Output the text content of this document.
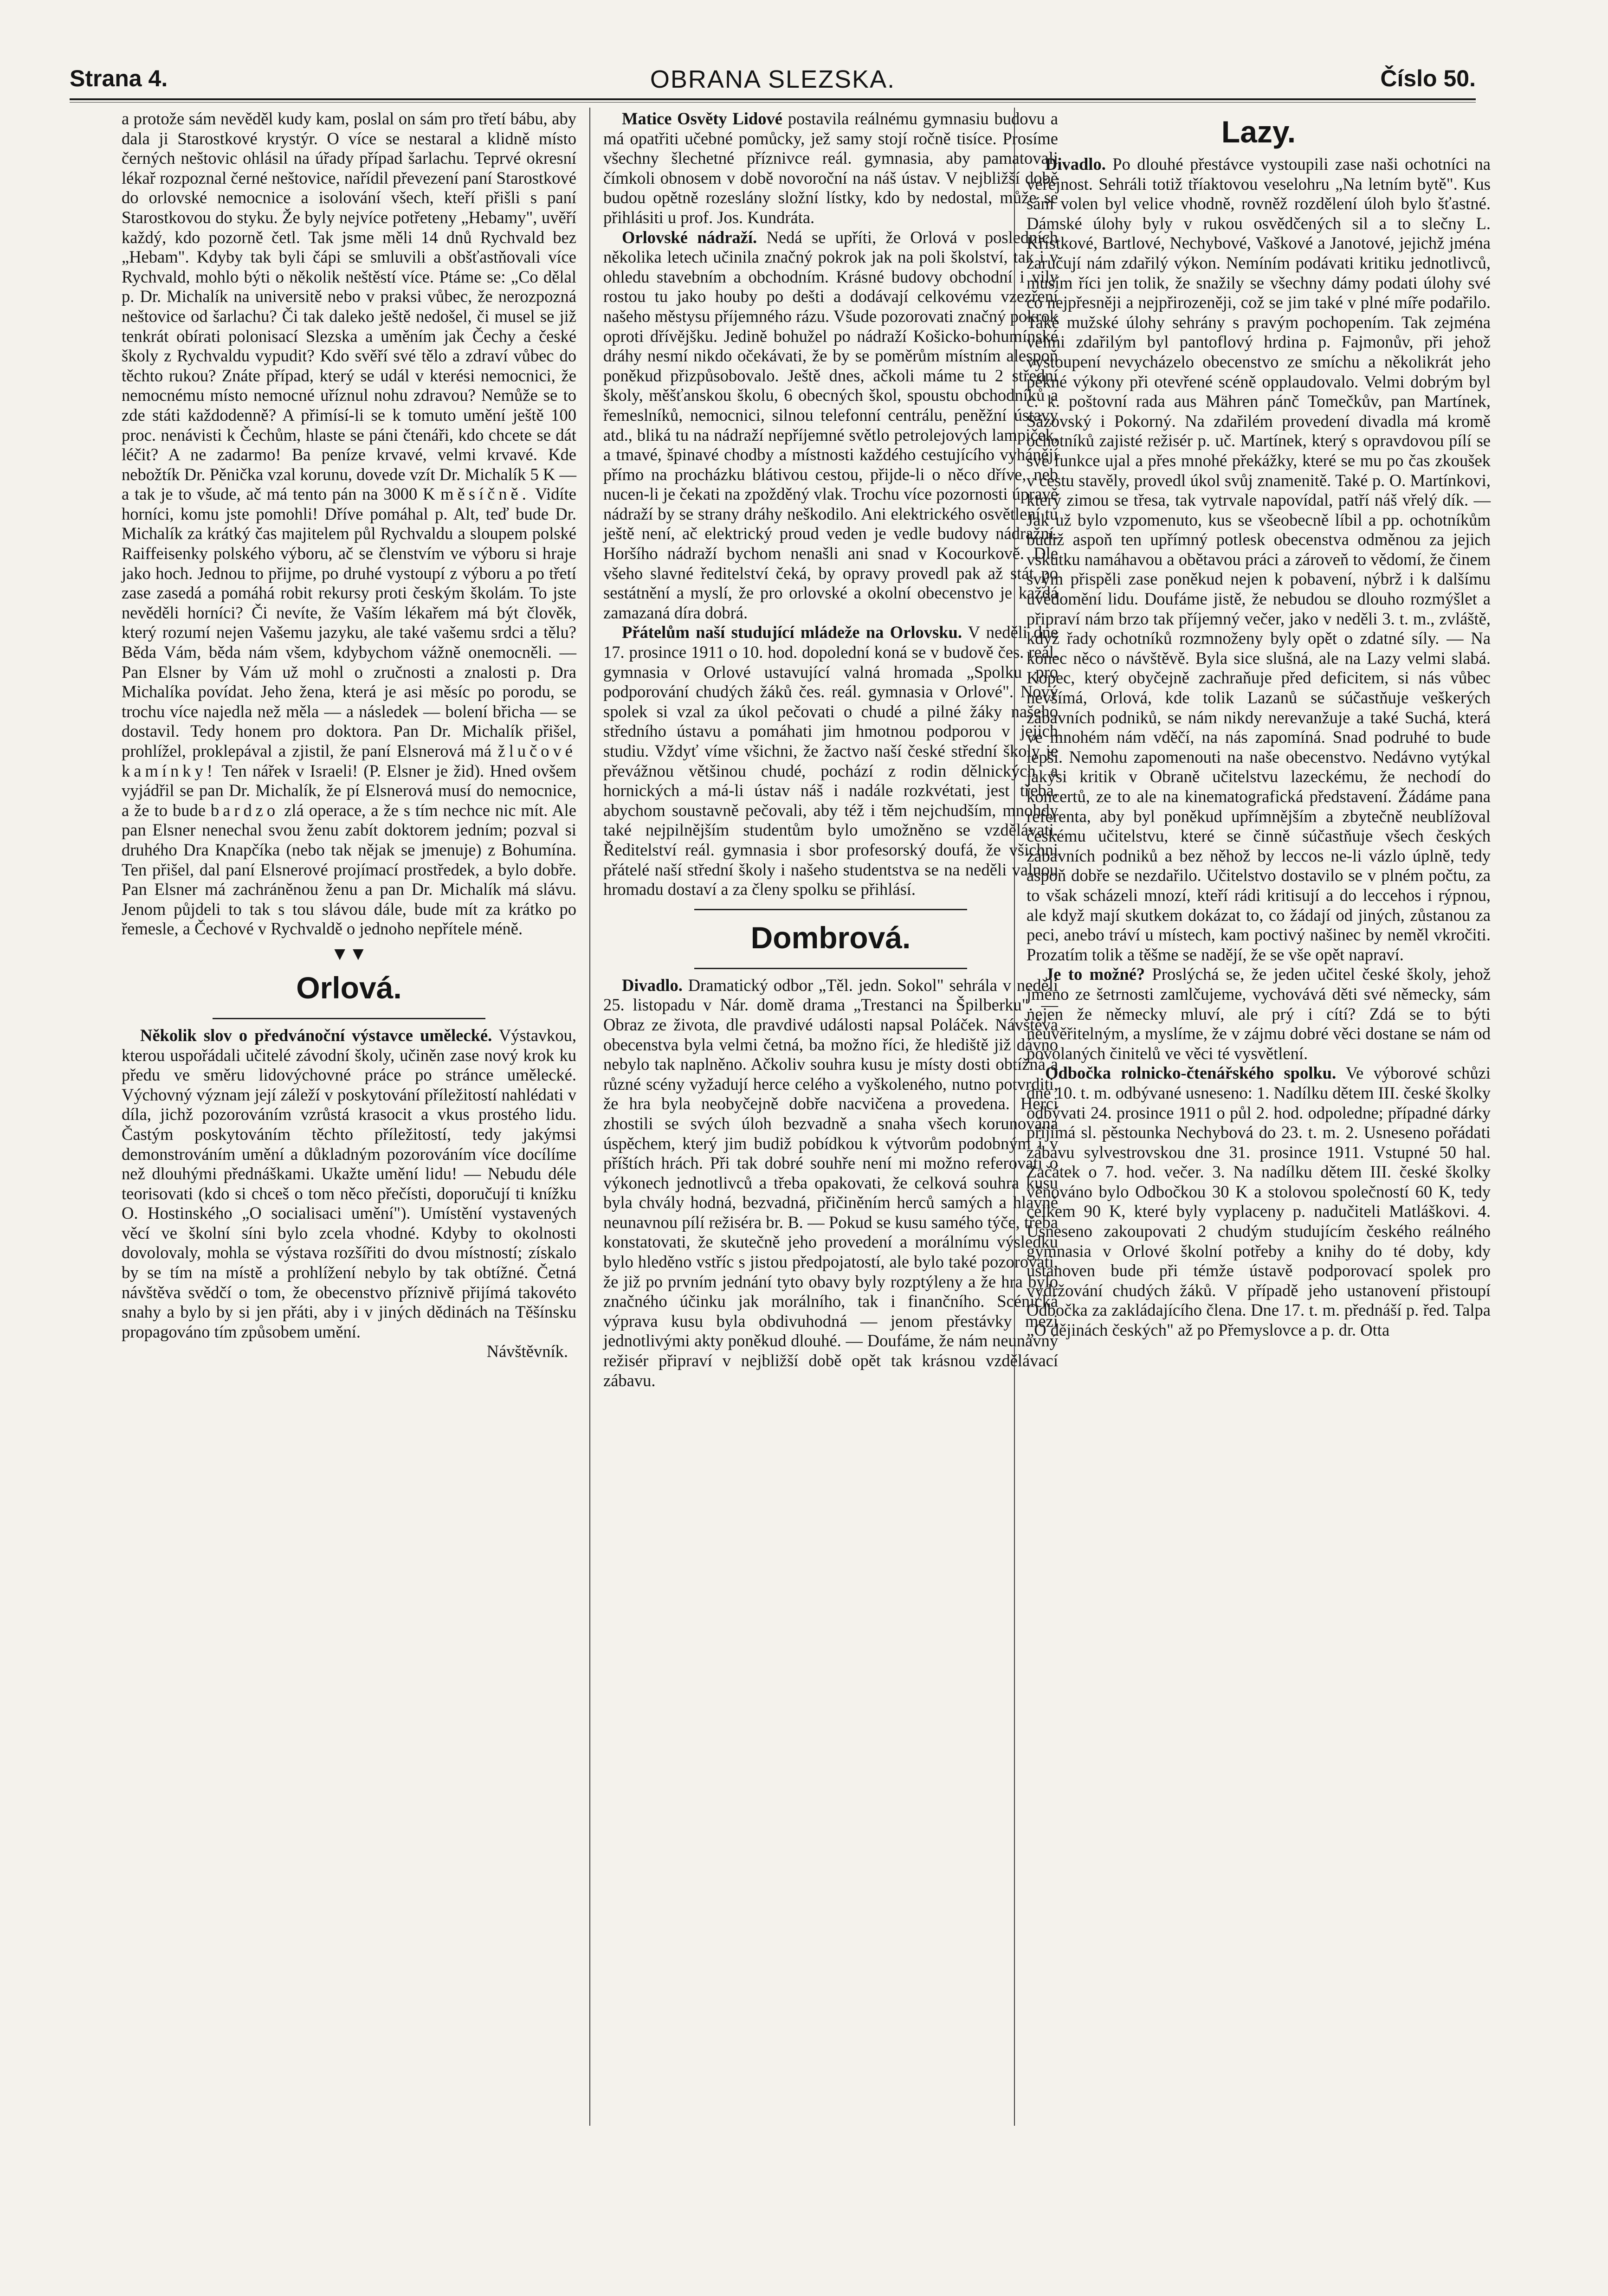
Strana 4.	OBRANA SLEZSKA.	Číslo 50.

a protože sám nevěděl kudy kam, poslal on sám pro třetí bábu, aby dala ji Starostkové krystýr. O více se nestaral a klidně místo černých neštovic ohlásil na úřady případ šarlachu. Teprvé okresní lékař rozpoznal černé neštovice, nařídil převezení paní Starostkové do orlovské nemocnice a isolování všech, kteří přišli s paní Starostkovou do styku. Že byly nejvíce potřeteny „Hebamy", uvěří každý, kdo pozorně četl. Tak jsme měli 14 dnů Rychvald bez „Hebam". Kdyby tak byli čápi se smluvili a obšťastňovali více Rychvald, mohlo býti o několik neštěstí více. Ptáme se: „Co dělal p. Dr. Michalík na universitě nebo v praksi vůbec, že nerozpozná neštovice od šarlachu? Či tak daleko ještě nedošel, či musel se již tenkrát obírati polonisací Slezska a uměním jak Čechy a české školy z Rychvaldu vypudit? Kdo svěří své tělo a zdraví vůbec do těchto rukou? Znáte případ, který se udál v kterési nemocnici, že nemocnému místo nemocné uříznul nohu zdravou? Nemůže se to zde státi každodenně? A přimísí-li se k tomuto umění ještě 100 proc. nenávisti k Čechům, hlaste se páni čtenáři, kdo chcete se dát léčit? A ne zadarmo! Ba peníze krvavé, velmi krvavé. Kde nebožtík Dr. Pěnička vzal korunu, dovede vzít Dr. Michalík 5 K — a tak je to všude, ač má tento pán na 3000 K měsíčně. Vidíte horníci, komu jste pomohli! Dříve pomáhal p. Alt, teď bude Dr. Michalík za krátký čas majitelem půl Rychvaldu a sloupem polské Raiffeisenky polského výboru, ač se členstvím ve výboru si hraje jako hoch. Jednou to přijme, po druhé vystoupí z výboru a po třetí zase zasedá a pomáhá robit rekursy proti českým školám. To jste nevěděli horníci? Či nevíte, že Vaším lékařem má být člověk, který rozumí nejen Vašemu jazyku, ale také vašemu srdci a tělu? Běda Vám, běda nám všem, kdybychom vážně onemocněli. — Pan Elsner by Vám už mohl o zručnosti a znalosti p. Dra Michalíka povídat. Jeho žena, která je asi měsíc po porodu, se trochu více najedla než měla — a následek — bolení břicha — se dostavil. Tedy honem pro doktora. Pan Dr. Michalík přišel, prohlížel, proklepával a zjistil, že paní Elsnerová má žlučové kamínky! Ten nářek v Israeli! (P. Elsner je žid). Hned ovšem vyjádřil se pan Dr. Michalík, že pí Elsnerová musí do nemocnice, a že to bude bardzo zlá operace, a že s tím nechce nic mít. Ale pan Elsner nenechal svou ženu zabít doktorem jedním; pozval si druhého Dra Knapčíka (nebo tak nějak se jmenuje) z Bohumína. Ten přišel, dal paní Elsnerové projímací prostředek, a bylo dobře. Pan Elsner má zachráněnou ženu a pan Dr. Michalík má slávu. Jenom půjdeli to tak s tou slávou dále, bude mít za krátko po řemesle, a Čechové v Rychvaldě o jednoho nepřítele méně.

▼▼
Orlová.

Několik slov o předvánoční výstavce umělecké. Výstavkou, kterou uspořádali učitelé závodní školy, učiněn zase nový krok ku předu ve směru lidovýchovné práce po stránce umělecké. Výchovný význam její záleží v poskytování příležitostí nahlédati v díla, jichž pozorováním vzrůstá krasocit a vkus prostého lidu. Častým poskytováním těchto příležitostí, tedy jakýmsi demonstrováním umění a důkladným pozorováním více docílíme než dlouhými přednáškami. Ukažte umění lidu! — Nebudu déle teorisovati (kdo si chceš o tom něco přečísti, doporučují ti knížku O. Hostinského „O socialisaci umění"). Umístění vystavených věcí ve školní síni bylo zcela vhodné. Kdyby to okolnosti dovolovaly, mohla se výstava rozšířiti do dvou místností; získalo by se tím na místě a prohlížení nebylo by tak obtížné. Četná návštěva svědčí o tom, že obecenstvo příznivě přijímá takovéto snahy a bylo by si jen přáti, aby i v jiných dědinách na Těšínsku propagováno tím způsobem umění.

Návštěvník.

Matice Osvěty Lidové postavila reálnému gymnasiu budovu a má opatřiti učebné pomůcky, jež samy stojí ročně tisíce. Prosíme všechny šlechetné příznivce reál. gymnasia, aby pamatovali čímkoli obnosem v době novoroční na náš ústav. V nejbližší době budou opětně rozeslány složní lístky, kdo by nedostal, může se přihlásiti u prof. Jos. Kundráta.

Orlovské nádraží. Nedá se upříti, že Orlová v posledních několika letech učinila značný pokrok jak na poli školství, tak i v ohledu stavebním a obchodním. Krásné budovy obchodní i vily rostou tu jako houby po dešti a dodávají celkovému vzezření našeho městysu příjemného rázu. Všude pozorovati značný pokrok oproti dřívějšku. Jedině bohužel po nádraží Košicko-bohumínské dráhy nesmí nikdo očekávati, že by se poměrům místním alespoň poněkud přizpůsobovalo. Ještě dnes, ačkoli máme tu 2 střední školy, měšťanskou školu, 6 obecných škol, spoustu obchodníků a řemeslníků, nemocnici, silnou telefonní centrálu, peněžní ústavy atd., bliká tu na nádraží nepříjemné světlo petrolejových lampiček, a tmavé, špinavé chodby a místnosti každého cestujícího vyhánějí přímo na procházku blátivou cestou, přijde-li o něco dříve, neb nucen-li je čekati na zpožděný vlak. Trochu více pozornosti úpravě nádraží by se strany dráhy neškodilo. Ani elektrického osvětlení tu ještě není, ač elektrický proud veden je vedle budovy nádražní. Horšího nádraží bychom nenašli ani snad v Kocourkově. Dle všeho slavné ředitelství čeká, by opravy provedl pak až stát po sestátnění a myslí, že pro orlovské a okolní obecenstvo je každá zamazaná díra dobrá.

Přátelům naší studující mládeže na Orlovsku. V neděli dne 17. prosince 1911 o 10. hod. dopolední koná se v budově čes. reál. gymnasia v Orlové ustavující valná hromada „Spolku pro podporování chudých žáků čes. reál. gymnasia v Orlové". Nový spolek si vzal za úkol pečovati o chudé a pilné žáky našeho středního ústavu a pomáhati jim hmotnou podporou v jejich studiu. Vždyť víme všichni, že žactvo naší české střední školy je převážnou většinou chudé, pochází z rodin dělnických a hornických a má-li ústav náš i nadále rozkvétati, jest třeba, abychom soustavně pečovali, aby též i těm nejchudším, mnohdy také nejpilnějším studentům bylo umožněno se vzdělávati. Ředitelství reál. gymnasia i sbor profesorský doufá, že všichni přátelé naší střední školy i našeho studentstva se na neděli valnou hromadu dostaví a za členy spolku se přihlásí.

Dombrová.

Divadlo. Dramatický odbor „Těl. jedn. Sokol" sehrála v neděli 25. listopadu v Nár. domě drama „Trestanci na Špilberku". — Obraz ze života, dle pravdivé události napsal Poláček. Návštěva obecenstva byla velmi četná, ba možno říci, že hlediště již dávno nebylo tak naplněno. Ačkoliv souhra kusu je místy dosti obtížná a různé scény vyžadují herce celého a vyškoleného, nutno potvrditi, že hra byla neobyčejně dobře nacvičena a provedena. Herci zhostili se svých úloh bezvadně a snaha všech korunována úspěchem, který jim budiž pobídkou k výtvorům podobným i v příštích hrách. Při tak dobré souhře není mi možno referovati o výkonech jednotlivců a třeba opakovati, že celková souhra kusu byla chvály hodná, bezvadná, přičiněním herců samých a hlavně neunavnou pílí režiséra br. B. — Pokud se kusu samého týče, třeba konstatovati, že skutečně jeho provedení a morálnímu výsledku bylo hleděno vstříc s jistou předpojatostí, ale bylo také pozorovati, že již po prvním jednání tyto obavy byly rozptýleny a že hra bylo značného účinku jak morálního, tak i finančního. Scénická výprava kusu byla obdivuhodná — jenom přestávky mezi jednotlivými akty poněkud dlouhé. — Doufáme, že nám neunavný režisér připraví v nejbližší době opět tak krásnou vzdělávací zábavu.

Lazy.

Divadlo. Po dlouhé přestávce vystoupili zase naši ochotníci na veřejnost. Sehráli totiž tříaktovou veselohru „Na letním bytě". Kus sám volen byl velice vhodně, rovněž rozdělení úloh bylo šťastné. Dámské úlohy byly v rukou osvědčených sil a to slečny L. Křístkové, Bartlové, Nechybové, Vaškové a Janotové, jejichž jména zaručují nám zdařilý výkon. Nemíním podávati kritiku jednotlivců, musím říci jen tolik, že snažily se všechny dámy podati úlohy své co nejpřesněji a nejpřirozeněji, což se jim také v plné míře podařilo. Také mužské úlohy sehrány s pravým pochopením. Tak zejména velmi zdařilým byl pantoflový hrdina p. Fajmonův, při jehož vystoupení nevycházelo obecenstvo ze smíchu a několikrát jeho pěkné výkony při otevřené scéně opplaudovalo. Velmi dobrým byl c. k. poštovní rada aus Mähren pánč Tomečkův, pan Martínek, Sázovský i Pokorný. Na zdařilém provedení divadla má kromě ochotníků zajisté režisér p. uč. Martínek, který s opravdovou pílí se své funkce ujal a přes mnohé překážky, které se mu po čas zkoušek v cestu stavěly, provedl úkol svůj znamenitě. Také p. O. Martínkovi, který zimou se třesa, tak vytrvale napovídal, patří náš vřelý dík. — Jak už bylo vzpomenuto, kus se všeobecně líbil a pp. ochotníkům budiž aspoň ten upřímný potlesk obecenstva odměnou za jejich vskutku namáhavou a obětavou práci a zároveň to vědomí, že činem svým přispěli zase poněkud nejen k pobavení, nýbrž i k dalšímu uvědomění lidu. Doufáme jistě, že nebudou se dlouho rozmýšlet a připraví nám brzo tak příjemný večer, jako v neděli 3. t. m., zvláště, když řady ochotníků rozmnoženy byly opět o zdatné síly. — Na konec něco o návštěvě. Byla sice slušná, ale na Lazy velmi slabá. Kopec, který obyčejně zachraňuje před deficitem, si nás vůbec nevšímá, Orlová, kde tolik Lazanů se súčastňuje veškerých zábavních podniků, se nám nikdy nerevanžuje a také Suchá, která ve mnohém nám vděčí, na nás zapomíná. Snad podruhé to bude lepší. Nemohu zapomenouti na naše obecenstvo. Nedávno vytýkal jakýsi kritik v Obraně učitelstvu lazeckému, že nechodí do koncertů, ze to ale na kinematografická představení. Žádáme pana referenta, aby byl poněkud upřímnějším a zbytečně neublížoval českému učitelstvu, které se činně súčastňuje všech českých zábavních podniků a bez něhož by leccos ne-li vázlo úplně, tedy aspoň dobře se nezdařilo. Učitelstvo dostavilo se v plném počtu, za to však scházeli mnozí, kteří rádi kritisují a do leccehos i rýpnou, ale když mají skutkem dokázat to, co žádají od jiných, zůstanou za peci, anebo tráví u místech, kam poctivý našinec by neměl vkročiti. Prozatím tolik a těšme se nadějí, že se vše opět napraví.

Je to možné? Proslýchá se, že jeden učitel české školy, jehož jméno ze šetrnosti zamlčujeme, vychovává děti své německy, sám nejen že německy mluví, ale prý i cítí? Zdá se to býti neuvěřitelným, a myslíme, že v zájmu dobré věci dostane se nám od povolaných činitelů ve věci té vysvětlení.

Odbočka rolnicko-čtenářského spolku. Ve výborové schůzi dne 10. t. m. odbývané usneseno: 1. Nadílku dětem III. české školky odbývati 24. prosince 1911 o půl 2. hod. odpoledne; případné dárky přijímá sl. pěstounka Nechybová do 23. t. m. 2. Usneseno pořádati zábavu sylvestrovskou dne 31. prosince 1911. Vstupné 50 hal. Začátek o 7. hod. večer. 3. Na nadílku dětem III. české školky věnováno bylo Odbočkou 30 K a stolovou společností 60 K, tedy celkem 90 K, které byly vyplaceny p. nadučiteli Matláškovi. 4. Usneseno zakoupovati 2 chudým studujícím českého reálného gymnasia v Orlové školní potřeby a knihy do té doby, kdy ustanoven bude při témže ústavě podporovací spolek pro vydržování chudých žáků. V případě jeho ustanovení přistoupí Odbočka za zakládajícího člena. Dne 17. t. m. přednáší p. řed. Talpa „O dějinách českých" až po Přemyslovce a p. dr. Otta
